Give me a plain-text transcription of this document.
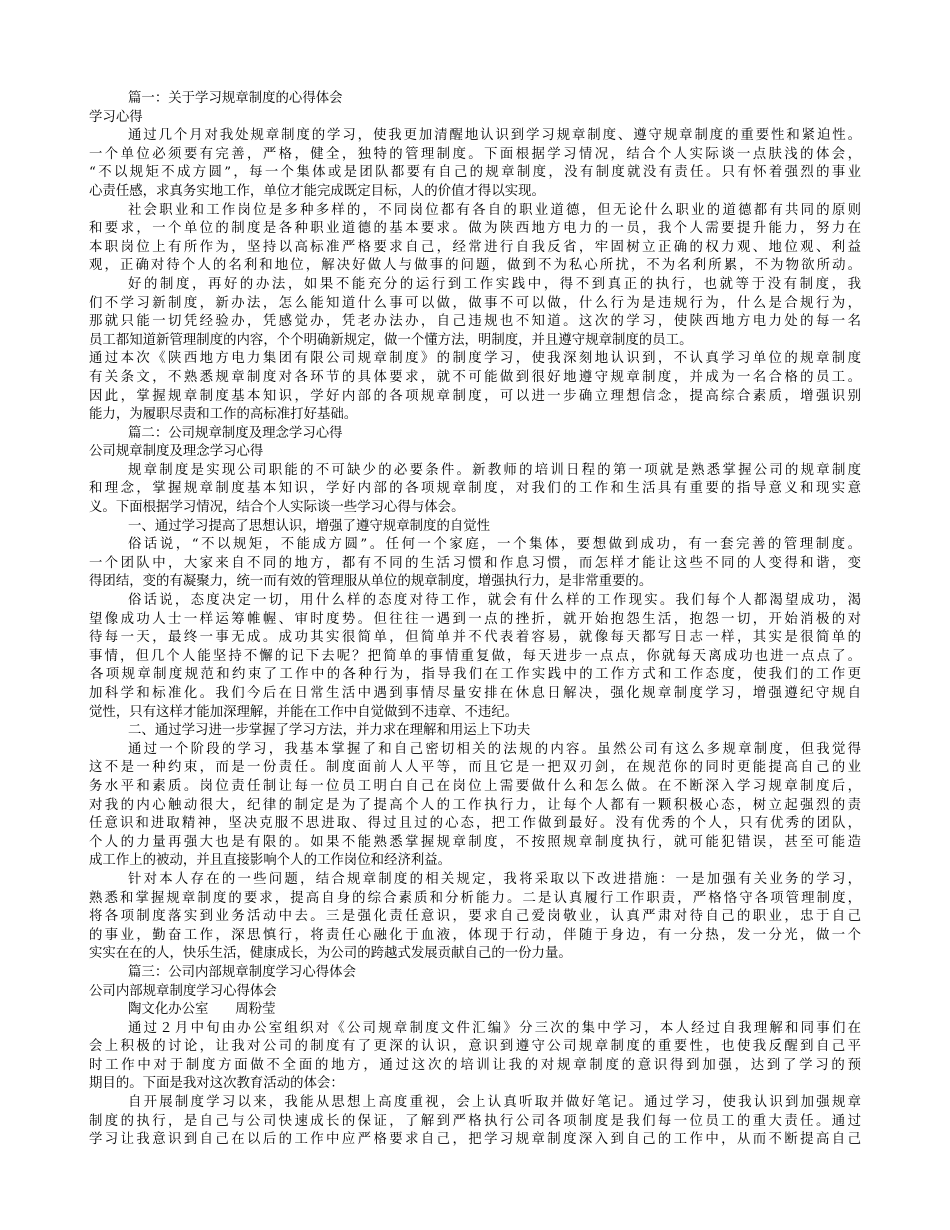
篇一：关于学习规章制度的心得体会
学习心得
通过几个月对我处规章制度的学习，使我更加清醒地认识到学习规章制度、遵守规章制度的重要性和紧迫性。
一个单位必须要有完善，严格，健全，独特的管理制度。下面根据学习情况，结合个人实际谈一点肤浅的体会，
“不以规矩不成方圆”，每一个集体或是团队都要有自己的规章制度，没有制度就没有责任。只有怀着强烈的事业
心责任感，求真务实地工作，单位才能完成既定目标，人的价值才得以实现。
社会职业和工作岗位是多种多样的，不同岗位都有各自的职业道德，但无论什么职业的道德都有共同的原则
和要求，一个单位的制度是各种职业道德的基本要求。做为陕西地方电力的一员，我个人需要提升能力，努力在
本职岗位上有所作为，坚持以高标准严格要求自己，经常进行自我反省，牢固树立正确的权力观、地位观、利益
观，正确对待个人的名利和地位，解决好做人与做事的问题，做到不为私心所扰，不为名利所累，不为物欲所动。
好的制度，再好的办法，如果不能充分的运行到工作实践中，得不到真正的执行，也就等于没有制度，我
们不学习新制度，新办法，怎么能知道什么事可以做，做事不可以做，什么行为是违规行为，什么是合规行为，
那就只能一切凭经验办，凭感觉办，凭老办法办，自己违规也不知道。这次的学习，使陕西地方电力处的每一名
员工都知道新管理制度的内容，个个明确新规定，做一个懂方法，明制度，并且遵守规章制度的员工。
通过本次《陕西地方电力集团有限公司规章制度》的制度学习，使我深刻地认识到，不认真学习单位的规章制度
有关条文，不熟悉规章制度对各环节的具体要求，就不可能做到很好地遵守规章制度，并成为一名合格的员工。
因此，掌握规章制度基本知识，学好内部的各项规章制度，可以进一步确立理想信念，提高综合素质，增强识别
能力，为履职尽责和工作的高标准打好基础。
篇二：公司规章制度及理念学习心得
公司规章制度及理念学习心得
规章制度是实现公司职能的不可缺少的必要条件。新教师的培训日程的第一项就是熟悉掌握公司的规章制度
和理念，掌握规章制度基本知识，学好内部的各项规章制度，对我们的工作和生活具有重要的指导意义和现实意
义。下面根据学习情况，结合个人实际谈一些学习心得与体会。
一、通过学习提高了思想认识，增强了遵守规章制度的自觉性
俗话说，“不以规矩，不能成方圆”。任何一个家庭，一个集体，要想做到成功，有一套完善的管理制度。
一个团队中，大家来自不同的地方，都有不同的生活习惯和作息习惯，而怎样才能让这些不同的人变得和谐，变
得团结，变的有凝聚力，统一而有效的管理服从单位的规章制度，增强执行力，是非常重要的。
俗话说，态度决定一切，用什么样的态度对待工作，就会有什么样的工作现实。我们每个人都渴望成功，渴
望像成功人士一样运筹帷幄、审时度势。但往往一遇到一点的挫折，就开始抱怨生活，抱怨一切，开始消极的对
待每一天，最终一事无成。成功其实很简单，但简单并不代表着容易，就像每天都写日志一样，其实是很简单的
事情，但几个人能坚持不懈的记下去呢？把简单的事情重复做，每天进步一点点，你就每天离成功也进一点点了。
各项规章制度规范和约束了工作中的各种行为，指导我们在工作实践中的工作方式和工作态度，使我们的工作更
加科学和标准化。我们今后在日常生活中遇到事情尽量安排在休息日解决，强化规章制度学习，增强遵纪守规自
觉性，只有这样才能加深理解，并能在工作中自觉做到不违章、不违纪。
二、通过学习进一步掌握了学习方法，并力求在理解和用运上下功夫
通过一个阶段的学习，我基本掌握了和自己密切相关的法规的内容。虽然公司有这么多规章制度，但我觉得
这不是一种约束，而是一份责任。制度面前人人平等，而且它是一把双刃剑，在规范你的同时更能提高自己的业
务水平和素质。岗位责任制让每一位员工明白自己在岗位上需要做什么和怎么做。在不断深入学习规章制度后，
对我的内心触动很大，纪律的制定是为了提高个人的工作执行力，让每个人都有一颗积极心态，树立起强烈的责
任意识和进取精神，坚决克服不思进取、得过且过的心态，把工作做到最好。没有优秀的个人，只有优秀的团队，
个人的力量再强大也是有限的。如果不能熟悉掌握规章制度，不按照规章制度执行，就可能犯错误，甚至可能造
成工作上的被动，并且直接影响个人的工作岗位和经济利益。
针对本人存在的一些问题，结合规章制度的相关规定，我将采取以下改进措施：一是加强有关业务的学习，
熟悉和掌握规章制度的要求，提高自身的综合素质和分析能力。二是认真履行工作职责，严格恪守各项管理制度，
将各项制度落实到业务活动中去。三是强化责任意识，要求自己爱岗敬业，认真严肃对待自己的职业，忠于自己
的事业，勤奋工作，深思慎行，将责任心融化于血液，体现于行动，伴随于身边，有一分热，发一分光，做一个
实实在在的人，快乐生活，健康成长，为公司的跨越式发展贡献自己的一份力量。
篇三：公司内部规章制度学习心得体会
公司内部规章制度学习心得体会
陶文化办公室　　周粉莹
通过２月中旬由办公室组织对《公司规章制度文件汇编》分三次的集中学习，本人经过自我理解和同事们在
会上积极的讨论，让我对公司的制度有了更深的认识，意识到遵守公司规章制度的重要性，也使我反醒到自己平
时工作中对于制度方面做不全面的地方，通过这次的培训让我的对规章制度的意识得到加强，达到了学习的预
期目的。下面是我对这次教育活动的体会：
自开展制度学习以来，我能从思想上高度重视，会上认真听取并做好笔记。通过学习，使我认识到加强规章
制度的执行，是自己与公司快速成长的保证，了解到严格执行公司各项制度是我们每一位员工的重大责任。通过
学习让我意识到自己在以后的工作中应严格要求自己，把学习规章制度深入到自己的工作中，从而不断提高自己
